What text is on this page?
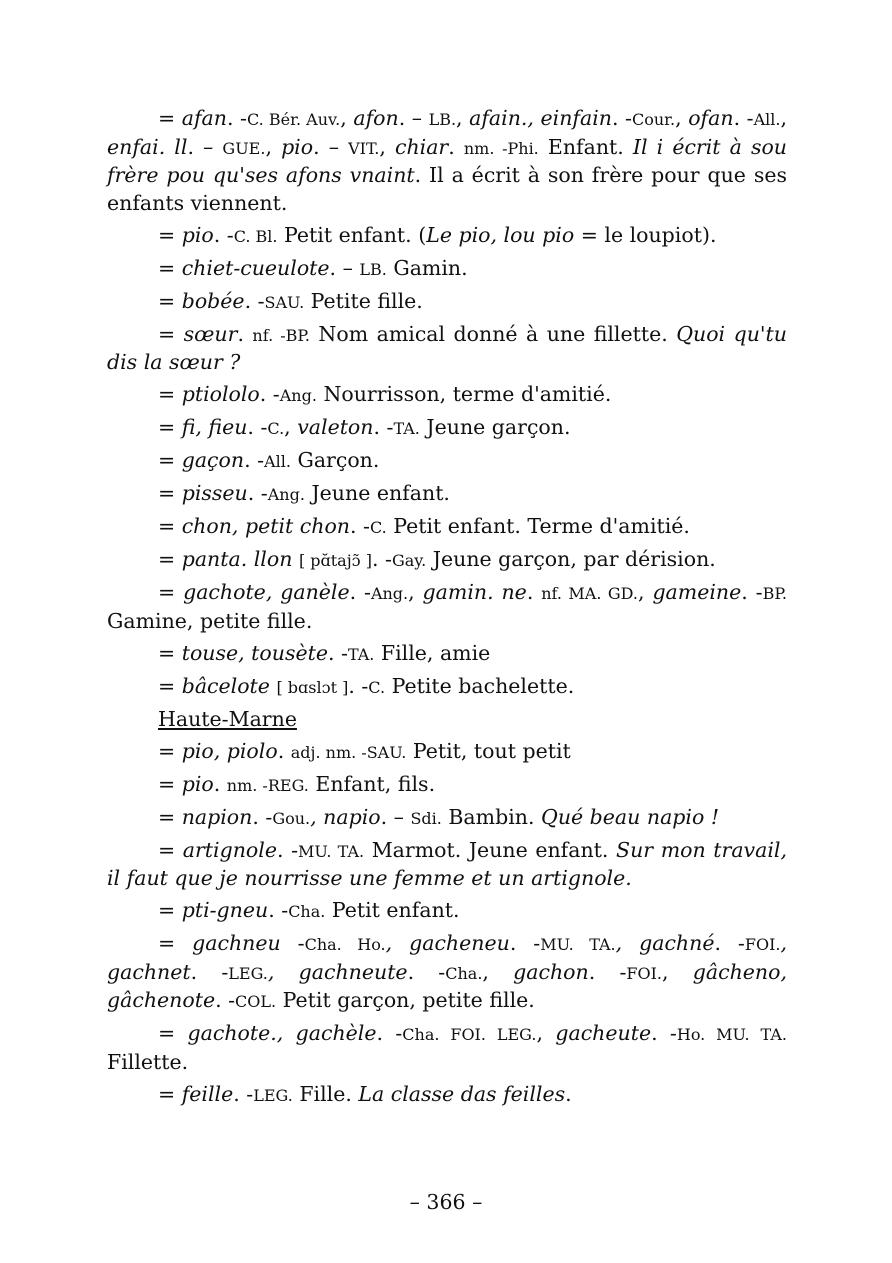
= afan. -C. Bér. Auv., afon. – LB., afain., einfain. -Cour., ofan. -All., enfai. ll. – GUE., pio. – VIT., chiar. nm. -Phi. Enfant. Il i écrit à sou frère pou qu'ses afons vnaint. Il a écrit à son frère pour que ses enfants viennent.

= pio. -C. Bl. Petit enfant. (Le pio, lou pio = le loupiot).

= chiet-cueulote. – LB. Gamin.

= bobée. -SAU. Petite fille.

= sœur. nf. -BP. Nom amical donné à une fillette. Quoi qu'tu dis la sœur ?

= ptiololo. -Ang. Nourrisson, terme d'amitié.

= fi, fieu. -C., valeton. -TA. Jeune garçon.

= gaçon. -All. Garçon.

= pisseu. -Ang. Jeune enfant.

= chon, petit chon. -C. Petit enfant. Terme d'amitié.

= panta. llon [ pɑ̆tajɔ̃ ]. -Gay. Jeune garçon, par dérision.

= gachote, ganèle. -Ang., gamin. ne. nf. MA. GD., gameine. -BP. Gamine, petite fille.

= touse, tousète. -TA. Fille, amie

= bâcelote [ bɑslɔt ]. -C. Petite bachelette.

Haute-Marne

= pio, piolo. adj. nm. -SAU. Petit, tout petit

= pio. nm. -REG. Enfant, fils.

= napion. -Gou., napio. – Sdi. Bambin. Qué beau napio !

= artignole. -MU. TA. Marmot. Jeune enfant. Sur mon travail, il faut que je nourrisse une femme et un artignole.

= pti-gneu. -Cha. Petit enfant.

= gachneu -Cha. Ho., gacheneu. -MU. TA., gachné. -FOI., gachnet. -LEG., gachneute. -Cha., gachon. -FOI., gâcheno, gâchenote. -COL. Petit garçon, petite fille.

= gachote., gachèle. -Cha. FOI. LEG., gacheute. -Ho. MU. TA. Fillette.

= feille. -LEG. Fille. La classe das feilles.

– 366 –
